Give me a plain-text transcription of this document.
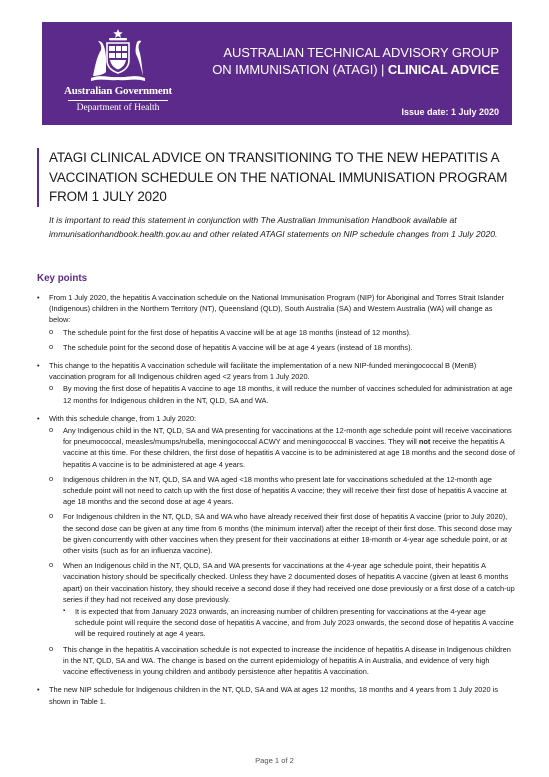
Australian Government
Department of Health
AUSTRALIAN TECHNICAL ADVISORY GROUP
ON IMMUNISATION (ATAGI) | CLINICAL ADVICE
Issue date: 1 July 2020
ATAGI CLINICAL ADVICE ON TRANSITIONING TO THE NEW HEPATITIS A VACCINATION SCHEDULE ON THE NATIONAL IMMUNISATION PROGRAM FROM 1 JULY 2020
It is important to read this statement in conjunction with The Australian Immunisation Handbook available at immunisationhandbook.health.gov.au and other related ATAGI statements on NIP schedule changes from 1 July 2020.
Key points
• From 1 July 2020, the hepatitis A vaccination schedule on the National Immunisation Program (NIP) for Aboriginal and Torres Strait Islander (Indigenous) children in the Northern Territory (NT), Queensland (QLD), South Australia (SA) and Western Australia (WA) will change as below:
o The schedule point for the first dose of hepatitis A vaccine will be at age 18 months (instead of 12 months).
o The schedule point for the second dose of hepatitis A vaccine will be at age 4 years (instead of 18 months).
• This change to the hepatitis A vaccination schedule will facilitate the implementation of a new NIP-funded meningococcal B (MenB) vaccination program for all Indigenous children aged <2 years from 1 July 2020.
o By moving the first dose of hepatitis A vaccine to age 18 months, it will reduce the number of vaccines scheduled for administration at age 12 months for Indigenous children in the NT, QLD, SA and WA.
• With this schedule change, from 1 July 2020:
o Any Indigenous child in the NT, QLD, SA and WA presenting for vaccinations at the 12-month age schedule point will receive vaccinations for pneumococcal, measles/mumps/rubella, meningococcal ACWY and meningococcal B vaccines. They will not receive the hepatitis A vaccine at this time. For these children, the first dose of hepatitis A vaccine is to be administered at age 18 months and the second dose of hepatitis A vaccine is to be administered at age 4 years.
o Indigenous children in the NT, QLD, SA and WA aged <18 months who present late for vaccinations scheduled at the 12-month age schedule point will not need to catch up with the first dose of hepatitis A vaccine; they will receive their first dose of hepatitis A vaccine at age 18 months and the second dose at age 4 years.
o For Indigenous children in the NT, QLD, SA and WA who have already received their first dose of hepatitis A vaccine (prior to July 2020), the second dose can be given at any time from 6 months (the minimum interval) after the receipt of their first dose. This second dose may be given concurrently with other vaccines when they present for their vaccinations at either 18-month or 4-year age schedule point, or at other visits (such as for an influenza vaccine).
o When an Indigenous child in the NT, QLD, SA and WA presents for vaccinations at the 4-year age schedule point, their hepatitis A vaccination history should be specifically checked. Unless they have 2 documented doses of hepatitis A vaccine (given at least 6 months apart) on their vaccination history, they should receive a second dose if they had received one dose previously or a first dose of a catch-up series if they had not received any dose previously.
▪ It is expected that from January 2023 onwards, an increasing number of children presenting for vaccinations at the 4-year age schedule point will require the second dose of hepatitis A vaccine, and from July 2023 onwards, the second dose of hepatitis A vaccine will be required routinely at age 4 years.
o This change in the hepatitis A vaccination schedule is not expected to increase the incidence of hepatitis A disease in Indigenous children in the NT, QLD, SA and WA. The change is based on the current epidemiology of hepatitis A in Australia, and evidence of very high vaccine effectiveness in young children and antibody persistence after hepatitis A vaccination.
• The new NIP schedule for Indigenous children in the NT, QLD, SA and WA at ages 12 months, 18 months and 4 years from 1 July 2020 is shown in Table 1.
Page 1 of 2
